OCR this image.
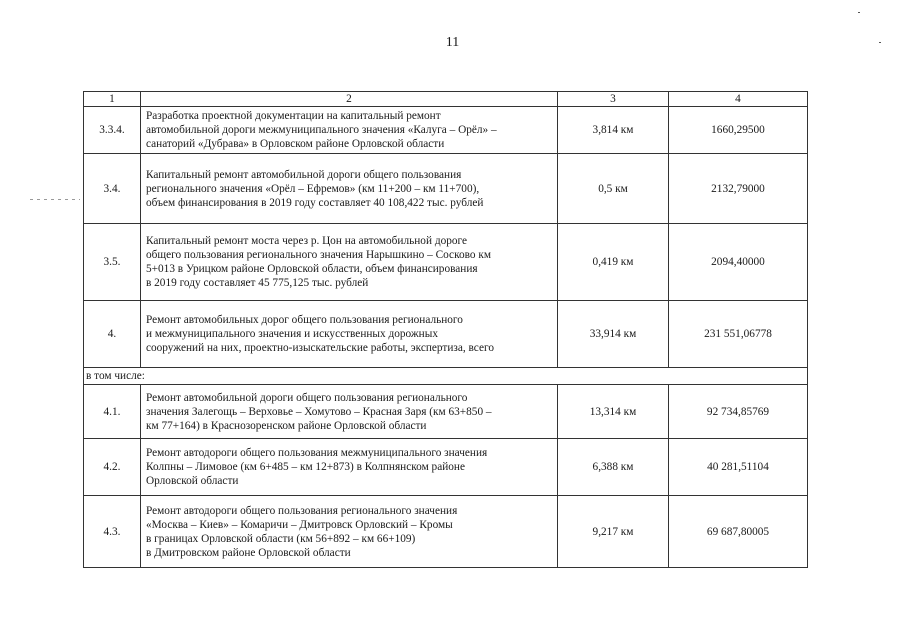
11
1	2	3	4
3.3.4.	Разработка проектной документации на капитальный ремонт
автомобильной дороги межмуниципального значения «Калуга – Орёл» –
санаторий «Дубрава» в Орловском районе Орловской области	3,814 км	1660,29500
3.4.	Капитальный ремонт автомобильной дороги общего пользования
регионального значения «Орёл – Ефремов» (км 11+200 – км 11+700),
объем финансирования в 2019 году составляет 40 108,422 тыс. рублей	0,5 км	2132,79000
3.5.	Капитальный ремонт моста через р. Цон на автомобильной дороге
общего пользования регионального значения Нарышкино – Сосково км
5+013 в Урицком районе Орловской области, объем финансирования
в 2019 году составляет 45 775,125 тыс. рублей	0,419 км	2094,40000
4.	Ремонт автомобильных дорог общего пользования регионального
и межмуниципального значения и искусственных дорожных
сооружений на них, проектно-изыскательские работы, экспертиза, всего	33,914 км	231 551,06778
в том числе:			
4.1.	Ремонт автомобильной дороги общего пользования регионального
значения Залегощь – Верховье – Хомутово – Красная Заря (км 63+850 –
км 77+164) в Краснозоренском районе Орловской области	13,314 км	92 734,85769
4.2.	Ремонт автодороги общего пользования межмуниципального значения
Колпны – Лимовое (км 6+485 – км 12+873) в Колпнянском районе
Орловской области	6,388 км	40 281,51104
4.3.	Ремонт автодороги общего пользования регионального значения
«Москва – Киев» – Комаричи – Дмитровск Орловский – Кромы
в границах Орловской области (км 56+892 – км 66+109)
в Дмитровском районе Орловской области	9,217 км	69 687,80005
